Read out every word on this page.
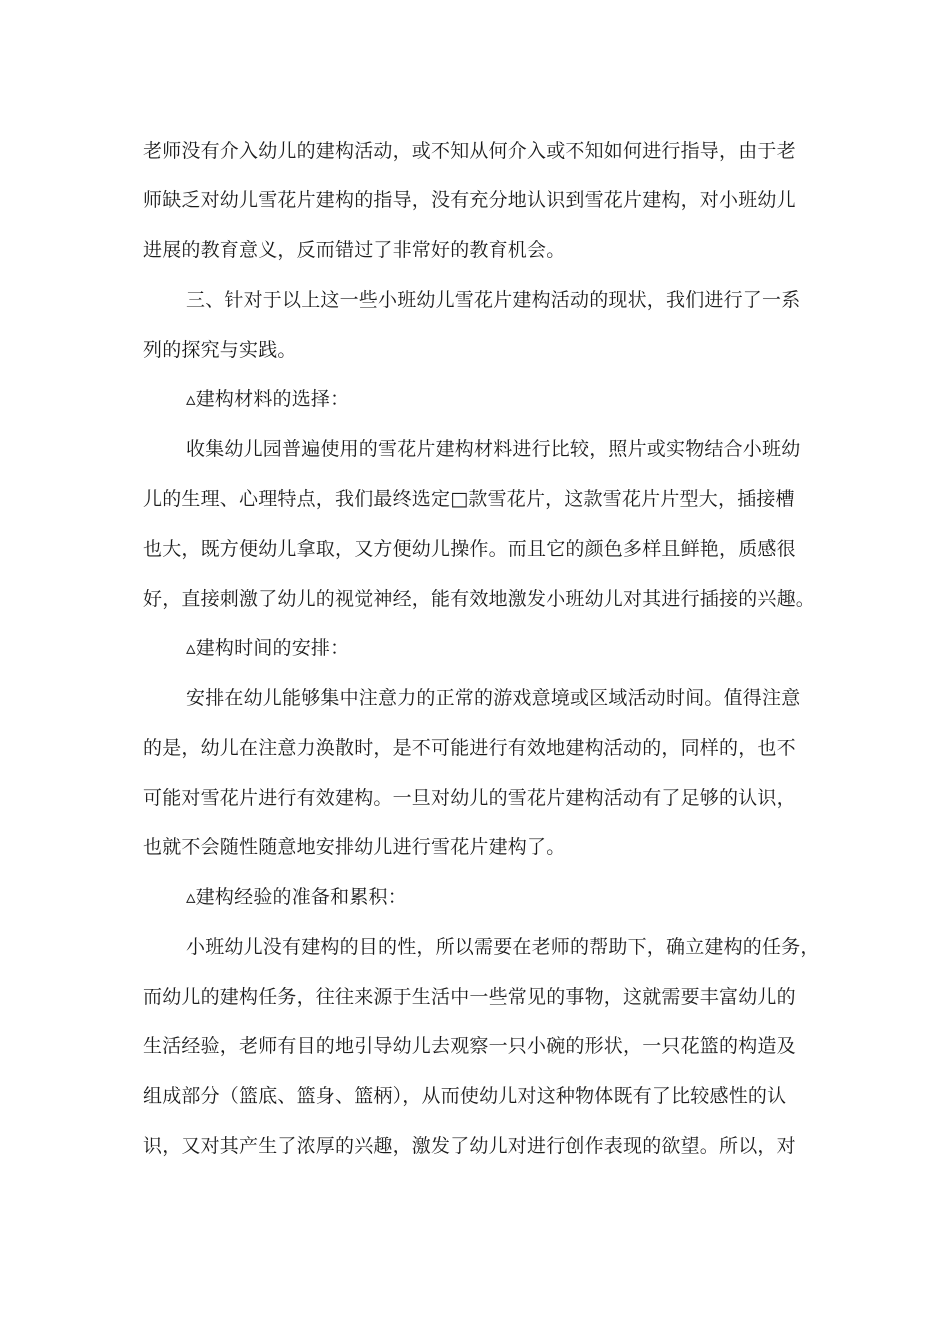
老师没有介入幼儿的建构活动，或不知从何介入或不知如何进行指导，由于老
师缺乏对幼儿雪花片建构的指导，没有充分地认识到雪花片建构，对小班幼儿
进展的教育意义，反而错过了非常好的教育机会。
三、针对于以上这一些小班幼儿雪花片建构活动的现状，我们进行了一系
列的探究与实践。
▵建构材料的选择：
收集幼儿园普遍使用的雪花片建构材料进行比较，照片或实物结合小班幼
儿的生理、心理特点，我们最终选定□款雪花片，这款雪花片片型大，插接槽
也大，既方便幼儿拿取，又方便幼儿操作。而且它的颜色多样且鲜艳，质感很
好，直接刺激了幼儿的视觉神经，能有效地激发小班幼儿对其进行插接的兴趣。
▵建构时间的安排：
安排在幼儿能够集中注意力的正常的游戏意境或区域活动时间。值得注意
的是，幼儿在注意力涣散时，是不可能进行有效地建构活动的，同样的，也不
可能对雪花片进行有效建构。一旦对幼儿的雪花片建构活动有了足够的认识，
也就不会随性随意地安排幼儿进行雪花片建构了。
▵建构经验的准备和累积：
小班幼儿没有建构的目的性，所以需要在老师的帮助下，确立建构的任务，
而幼儿的建构任务，往往来源于生活中一些常见的事物，这就需要丰富幼儿的
生活经验，老师有目的地引导幼儿去观察一只小碗的形状，一只花篮的构造及
组成部分（篮底、篮身、篮柄），从而使幼儿对这种物体既有了比较感性的认
识，又对其产生了浓厚的兴趣，激发了幼儿对进行创作表现的欲望。所以，对
